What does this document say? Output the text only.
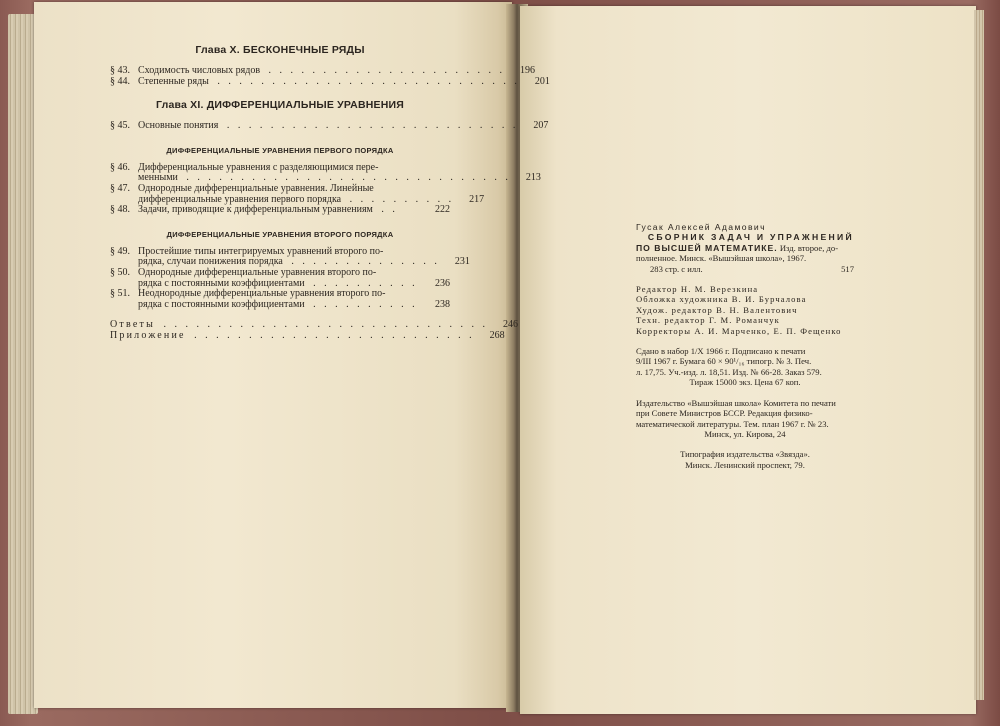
Глава X. БЕСКОНЕЧНЫЕ РЯДЫ
§ 43. Сходимость числовых рядов . . . . . . . . . . . . . . . . . . . . . .	196
§ 44. Степенные ряды . . . . . . . . . . . . . . . . . . . . . . . . . . . .	201
Глава XI. ДИФФЕРЕНЦИАЛЬНЫЕ УРАВНЕНИЯ
§ 45. Основные понятия . . . . . . . . . . . . . . . . . . . . . . . . . . .	207
ДИФФЕРЕНЦИАЛЬНЫЕ УРАВНЕНИЯ ПЕРВОГО ПОРЯДКА
§ 46. Дифференциальные уравнения с разделяющимися пере-
менными . . . . . . . . . . . . . . . . . . . . . . . . . . . . . .	213
§ 47. Однородные дифференциальные уравнения. Линейные
дифференциальные уравнения первого порядка . . . . . . . . . .	217
§ 48. Задачи, приводящие к дифференциальным уравнениям . .	222
ДИФФЕРЕНЦИАЛЬНЫЕ УРАВНЕНИЯ ВТОРОГО ПОРЯДКА
§ 49. Простейшие типы интегрируемых уравнений второго по-
рядка, случаи понижения порядка . . . . . . . . . . . . . .	231
§ 50. Однородные дифференциальные уравнения второго по-
рядка с постоянными коэффициентами . . . . . . . . . .	236
§ 51. Неоднородные дифференциальные уравнения второго по-
рядка с постоянными коэффициентами . . . . . . . . . .	238
Ответы . . . . . . . . . . . . . . . . . . . . . . . . . . . . . .	246
Приложение . . . . . . . . . . . . . . . . . . . . . . . . . .	268
Гусак Алексей Адамович
СБОРНИК ЗАДАЧ И УПРАЖНЕНИЙ
ПО ВЫСШЕЙ МАТЕМАТИКЕ. Изд. второе, до-
полненное. Минск. «Вышэйшая школа», 1967.
283 стр. с илл.	517
Редактор Н. М. Верезкина
Обложка художника В. И. Бурчалова
Худож. редактор В. Н. Валентович
Техн. редактор Г. М. Романчук
Корректоры А. И. Марченко, Е. П. Фещенко
Сдано в набор 1/X 1966 г. Подписано к печати
9/III 1967 г. Бумага 60 × 90¹/₁₆ типогр. № 3. Печ.
л. 17,75. Уч.-изд. л. 18,51. Изд. № 66-28. Заказ 579.
Тираж 15000 экз. Цена 67 коп.
Издательство «Вышэйшая школа» Комитета по печати
при Совете Министров БССР. Редакция физико-
математической литературы. Тем. план 1967 г. № 23.
Минск, ул. Кирова, 24
Типография издательства «Звязда».
Минск. Ленинский проспект, 79.
